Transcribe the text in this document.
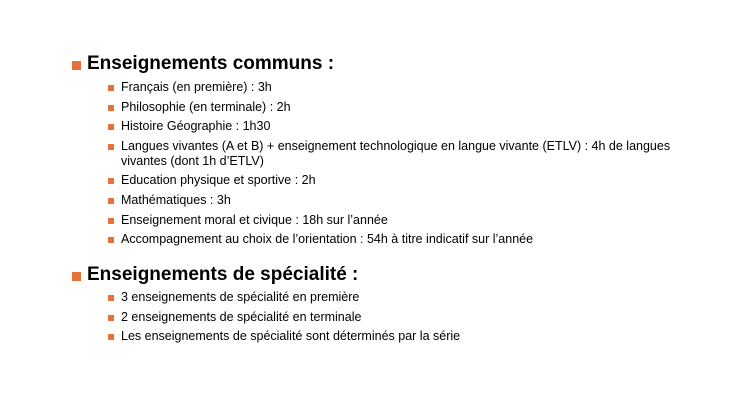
Enseignements communs :
Français (en première) : 3h
Philosophie (en terminale) : 2h
Histoire Géographie : 1h30
Langues vivantes (A et B) + enseignement technologique en langue vivante (ETLV) : 4h de langues vivantes (dont 1h d’ETLV)
Education physique et sportive : 2h
Mathématiques : 3h
Enseignement moral et civique : 18h sur l’année
Accompagnement au choix de l’orientation : 54h à titre indicatif sur l’année
Enseignements de spécialité :
3 enseignements de spécialité en première
2 enseignements de spécialité en terminale
Les enseignements de spécialité sont déterminés par la série
